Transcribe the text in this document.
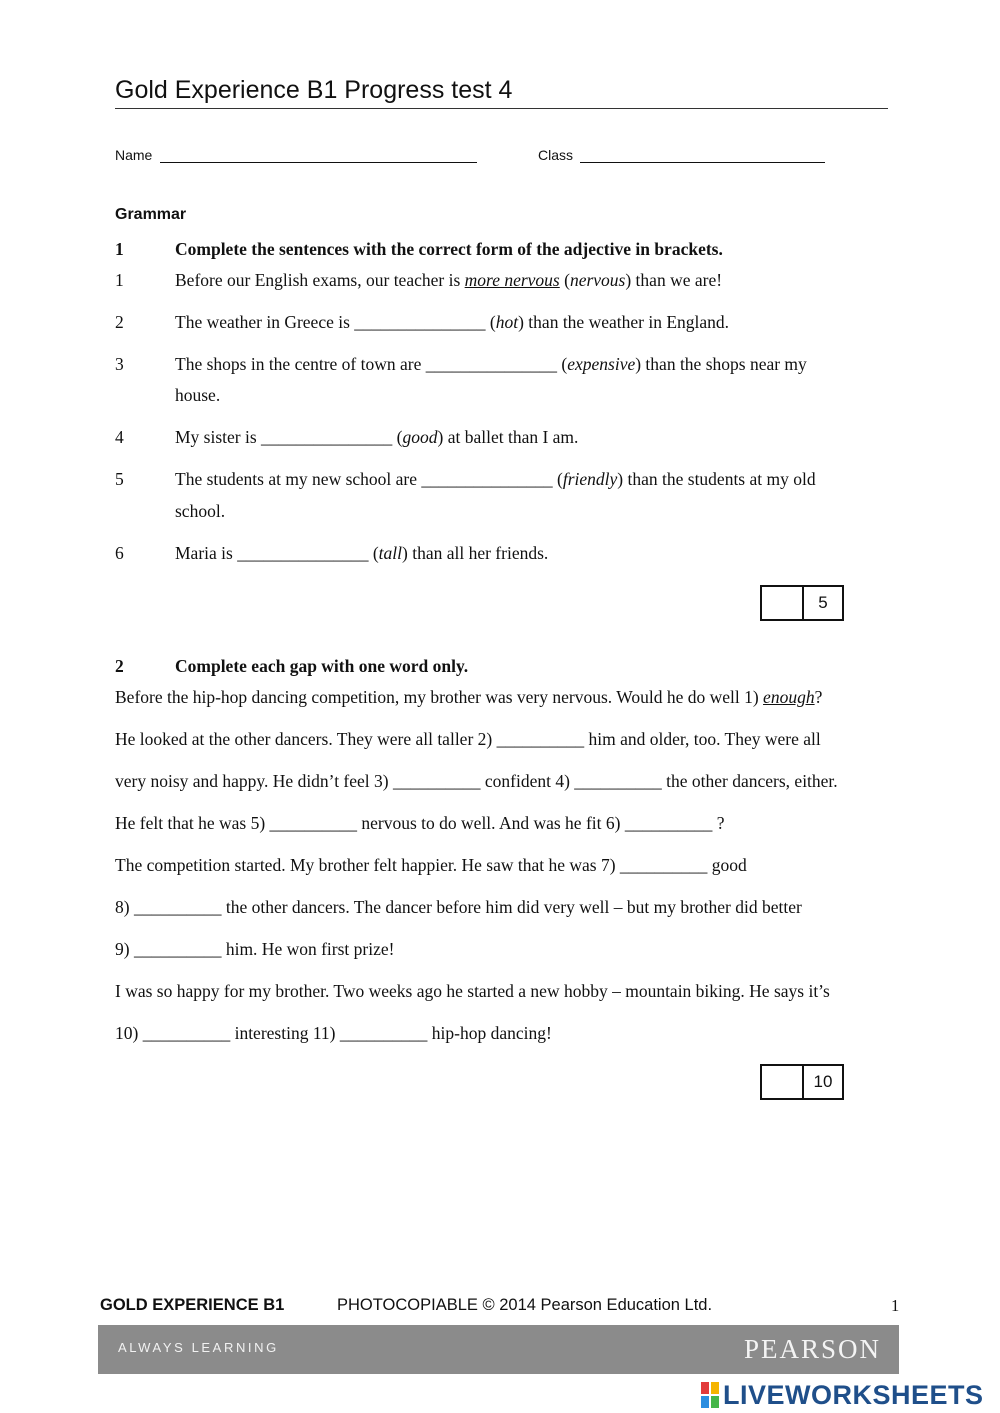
Gold Experience B1 Progress test 4
Name	Class
Grammar
1	Complete the sentences with the correct form of the adjective in brackets.
1	Before our English exams, our teacher is more nervous (nervous) than we are!
2	The weather in Greece is _______________ (hot) than the weather in England.
3	The shops in the centre of town are _______________ (expensive) than the shops near my
house.
4	My sister is _______________ (good) at ballet than I am.
5	The students at my new school are _______________ (friendly) than the students at my old
school.
6	Maria is _______________ (tall) than all her friends.
5
2	Complete each gap with one word only.
Before the hip-hop dancing competition, my brother was very nervous. Would he do well 1) enough?
He looked at the other dancers. They were all taller 2) __________ him and older, too. They were all
very noisy and happy. He didn’t feel 3) __________ confident 4) __________ the other dancers, either.
He felt that he was 5) __________ nervous to do well. And was he fit 6) __________ ?
The competition started. My brother felt happier. He saw that he was 7) __________ good
8) __________ the other dancers. The dancer before him did very well – but my brother did better
9) __________ him. He won first prize!
I was so happy for my brother. Two weeks ago he started a new hobby – mountain biking. He says it’s
10) __________ interesting 11) __________ hip-hop dancing!
10
GOLD EXPERIENCE B1	PHOTOCOPIABLE © 2014 Pearson Education Ltd.	1
ALWAYS LEARNING	PEARSON
LIVEWORKSHEETS
